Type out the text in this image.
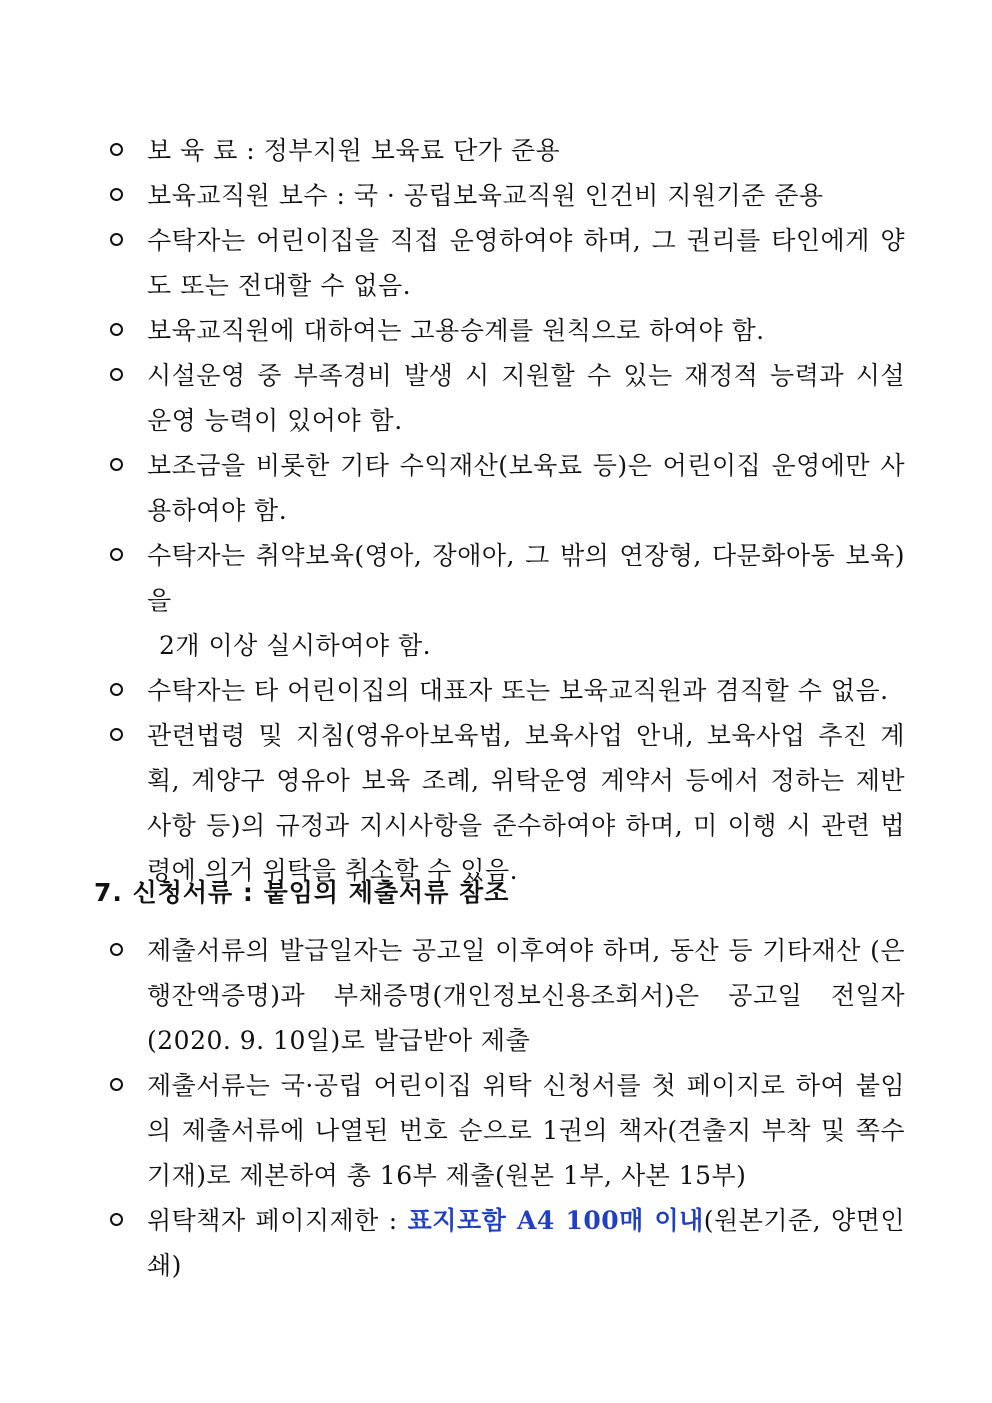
보 육 료 : 정부지원 보육료 단가 준용

보육교직원 보수 : 국 · 공립보육교직원 인건비 지원기준 준용

수탁자는 어린이집을 직접 운영하여야 하며, 그 권리를 타인에게 양도 또는 전대할 수 없음.

보육교직원에 대하여는 고용승계를 원칙으로 하여야 함.

시설운영 중 부족경비 발생 시 지원할 수 있는 재정적 능력과 시설 운영 능력이 있어야 함.

보조금을 비롯한 기타 수익재산(보육료 등)은 어린이집 운영에만 사용하여야 함.

수탁자는 취약보육(영아, 장애아, 그 밖의 연장형, 다문화아동 보육)을
2개 이상 실시하여야 함.

수탁자는 타 어린이집의 대표자 또는 보육교직원과 겸직할 수 없음.

관련법령 및 지침(영유아보육법, 보육사업 안내, 보육사업 추진 계획, 계양구 영유아 보육 조례, 위탁운영 계약서 등에서 정하는 제반 사항 등)의 규정과 지시사항을 준수하여야 하며, 미 이행 시 관련 법령에 의거 위탁을 취소할 수 있음.

7. 신청서류 : 붙임의 제출서류 참조

제출서류의 발급일자는 공고일 이후여야 하며, 동산 등 기타재산 (은행잔액증명)과 부채증명(개인정보신용조회서)은 공고일 전일자 (2020. 9. 10일)로 발급받아 제출

제출서류는 국·공립 어린이집 위탁 신청서를 첫 페이지로 하여 붙임의 제출서류에 나열된 번호 순으로 1권의 책자(견출지 부착 및 쪽수 기재)로 제본하여 총 16부 제출(원본 1부, 사본 15부)

위탁책자 페이지제한 : 표지포함 A4 100매 이내(원본기준, 양면인쇄)
